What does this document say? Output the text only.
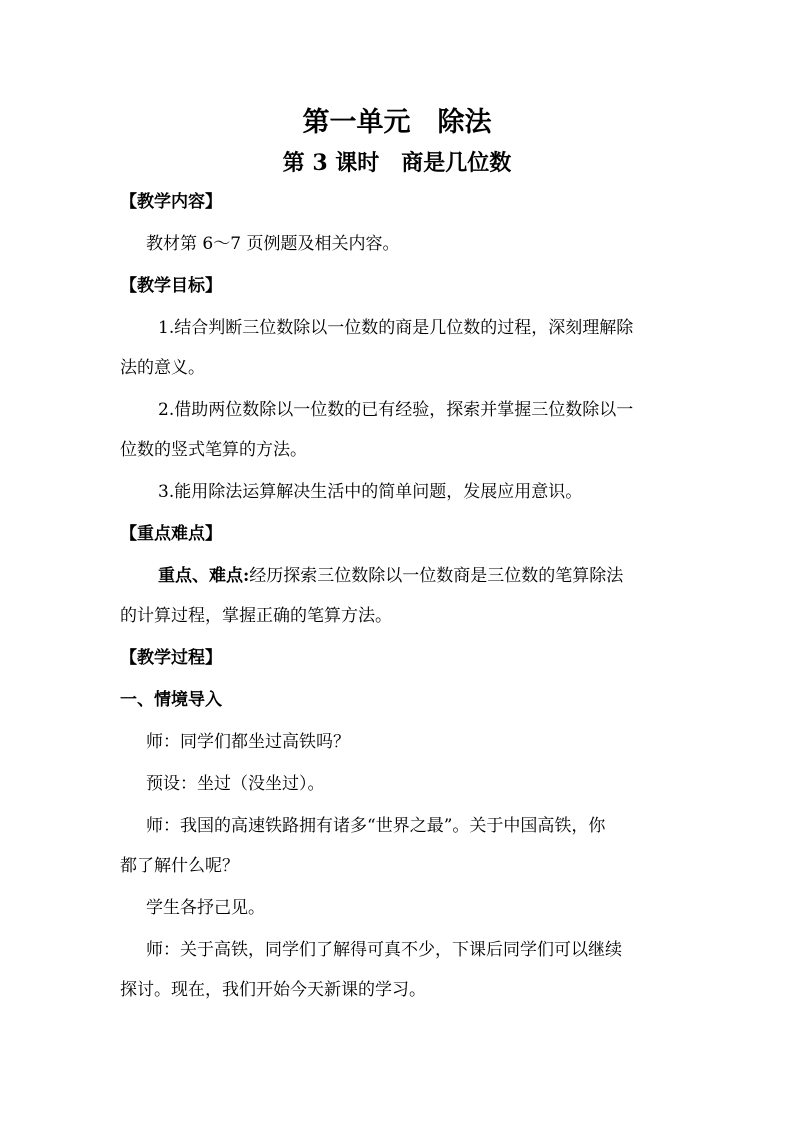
第一单元　除法
第 3 课时　商是几位数
【教学内容】
教材第 6～7 页例题及相关内容。
【教学目标】
1.结合判断三位数除以一位数的商是几位数的过程，深刻理解除
法的意义。
2.借助两位数除以一位数的已有经验，探索并掌握三位数除以一
位数的竖式笔算的方法。
3.能用除法运算解决生活中的简单问题，发展应用意识。
【重点难点】
重点、难点:经历探索三位数除以一位数商是三位数的笔算除法
的计算过程，掌握正确的笔算方法。
【教学过程】
一、情境导入
师：同学们都坐过高铁吗？
预设：坐过（没坐过）。
师：我国的高速铁路拥有诸多“世界之最”。关于中国高铁，你
都了解什么呢？
学生各抒己见。
师：关于高铁，同学们了解得可真不少，下课后同学们可以继续
探讨。现在，我们开始今天新课的学习。
